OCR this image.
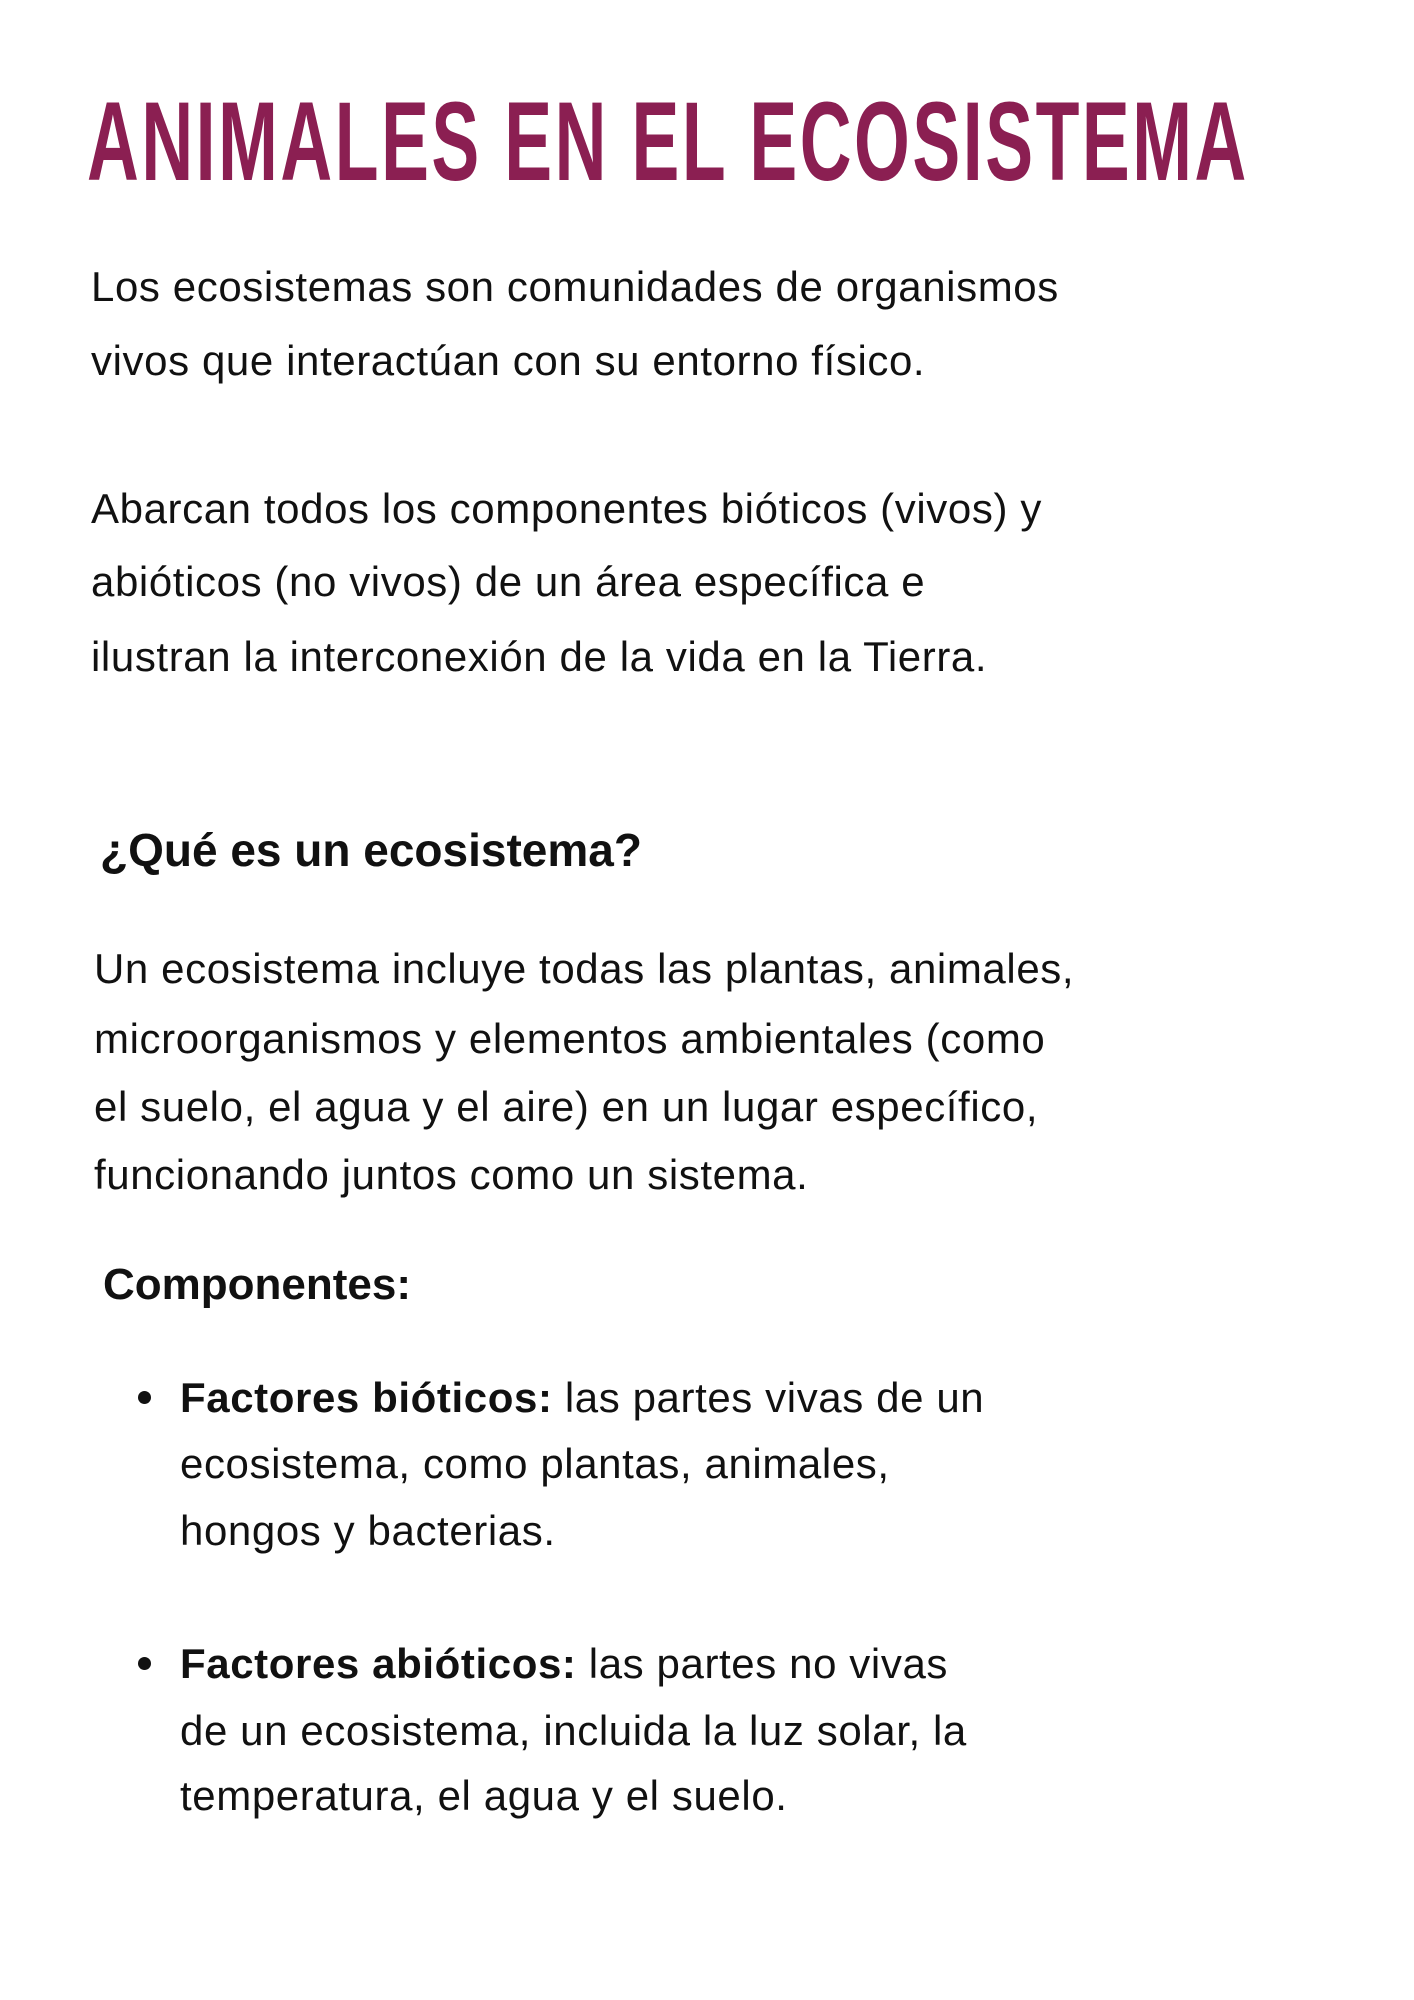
ANIMALES EN EL ECOSISTEMA
Los ecosistemas son comunidades de organismos
vivos que interactúan con su entorno físico.
Abarcan todos los componentes bióticos (vivos) y
abióticos (no vivos) de un área específica e
ilustran la interconexión de la vida en la Tierra.
¿Qué es un ecosistema?
Un ecosistema incluye todas las plantas, animales,
microorganismos y elementos ambientales (como
el suelo, el agua y el aire) en un lugar específico,
funcionando juntos como un sistema.
Componentes:
Factores bióticos: las partes vivas de un
ecosistema, como plantas, animales,
hongos y bacterias.
Factores abióticos: las partes no vivas
de un ecosistema, incluida la luz solar, la
temperatura, el agua y el suelo.
